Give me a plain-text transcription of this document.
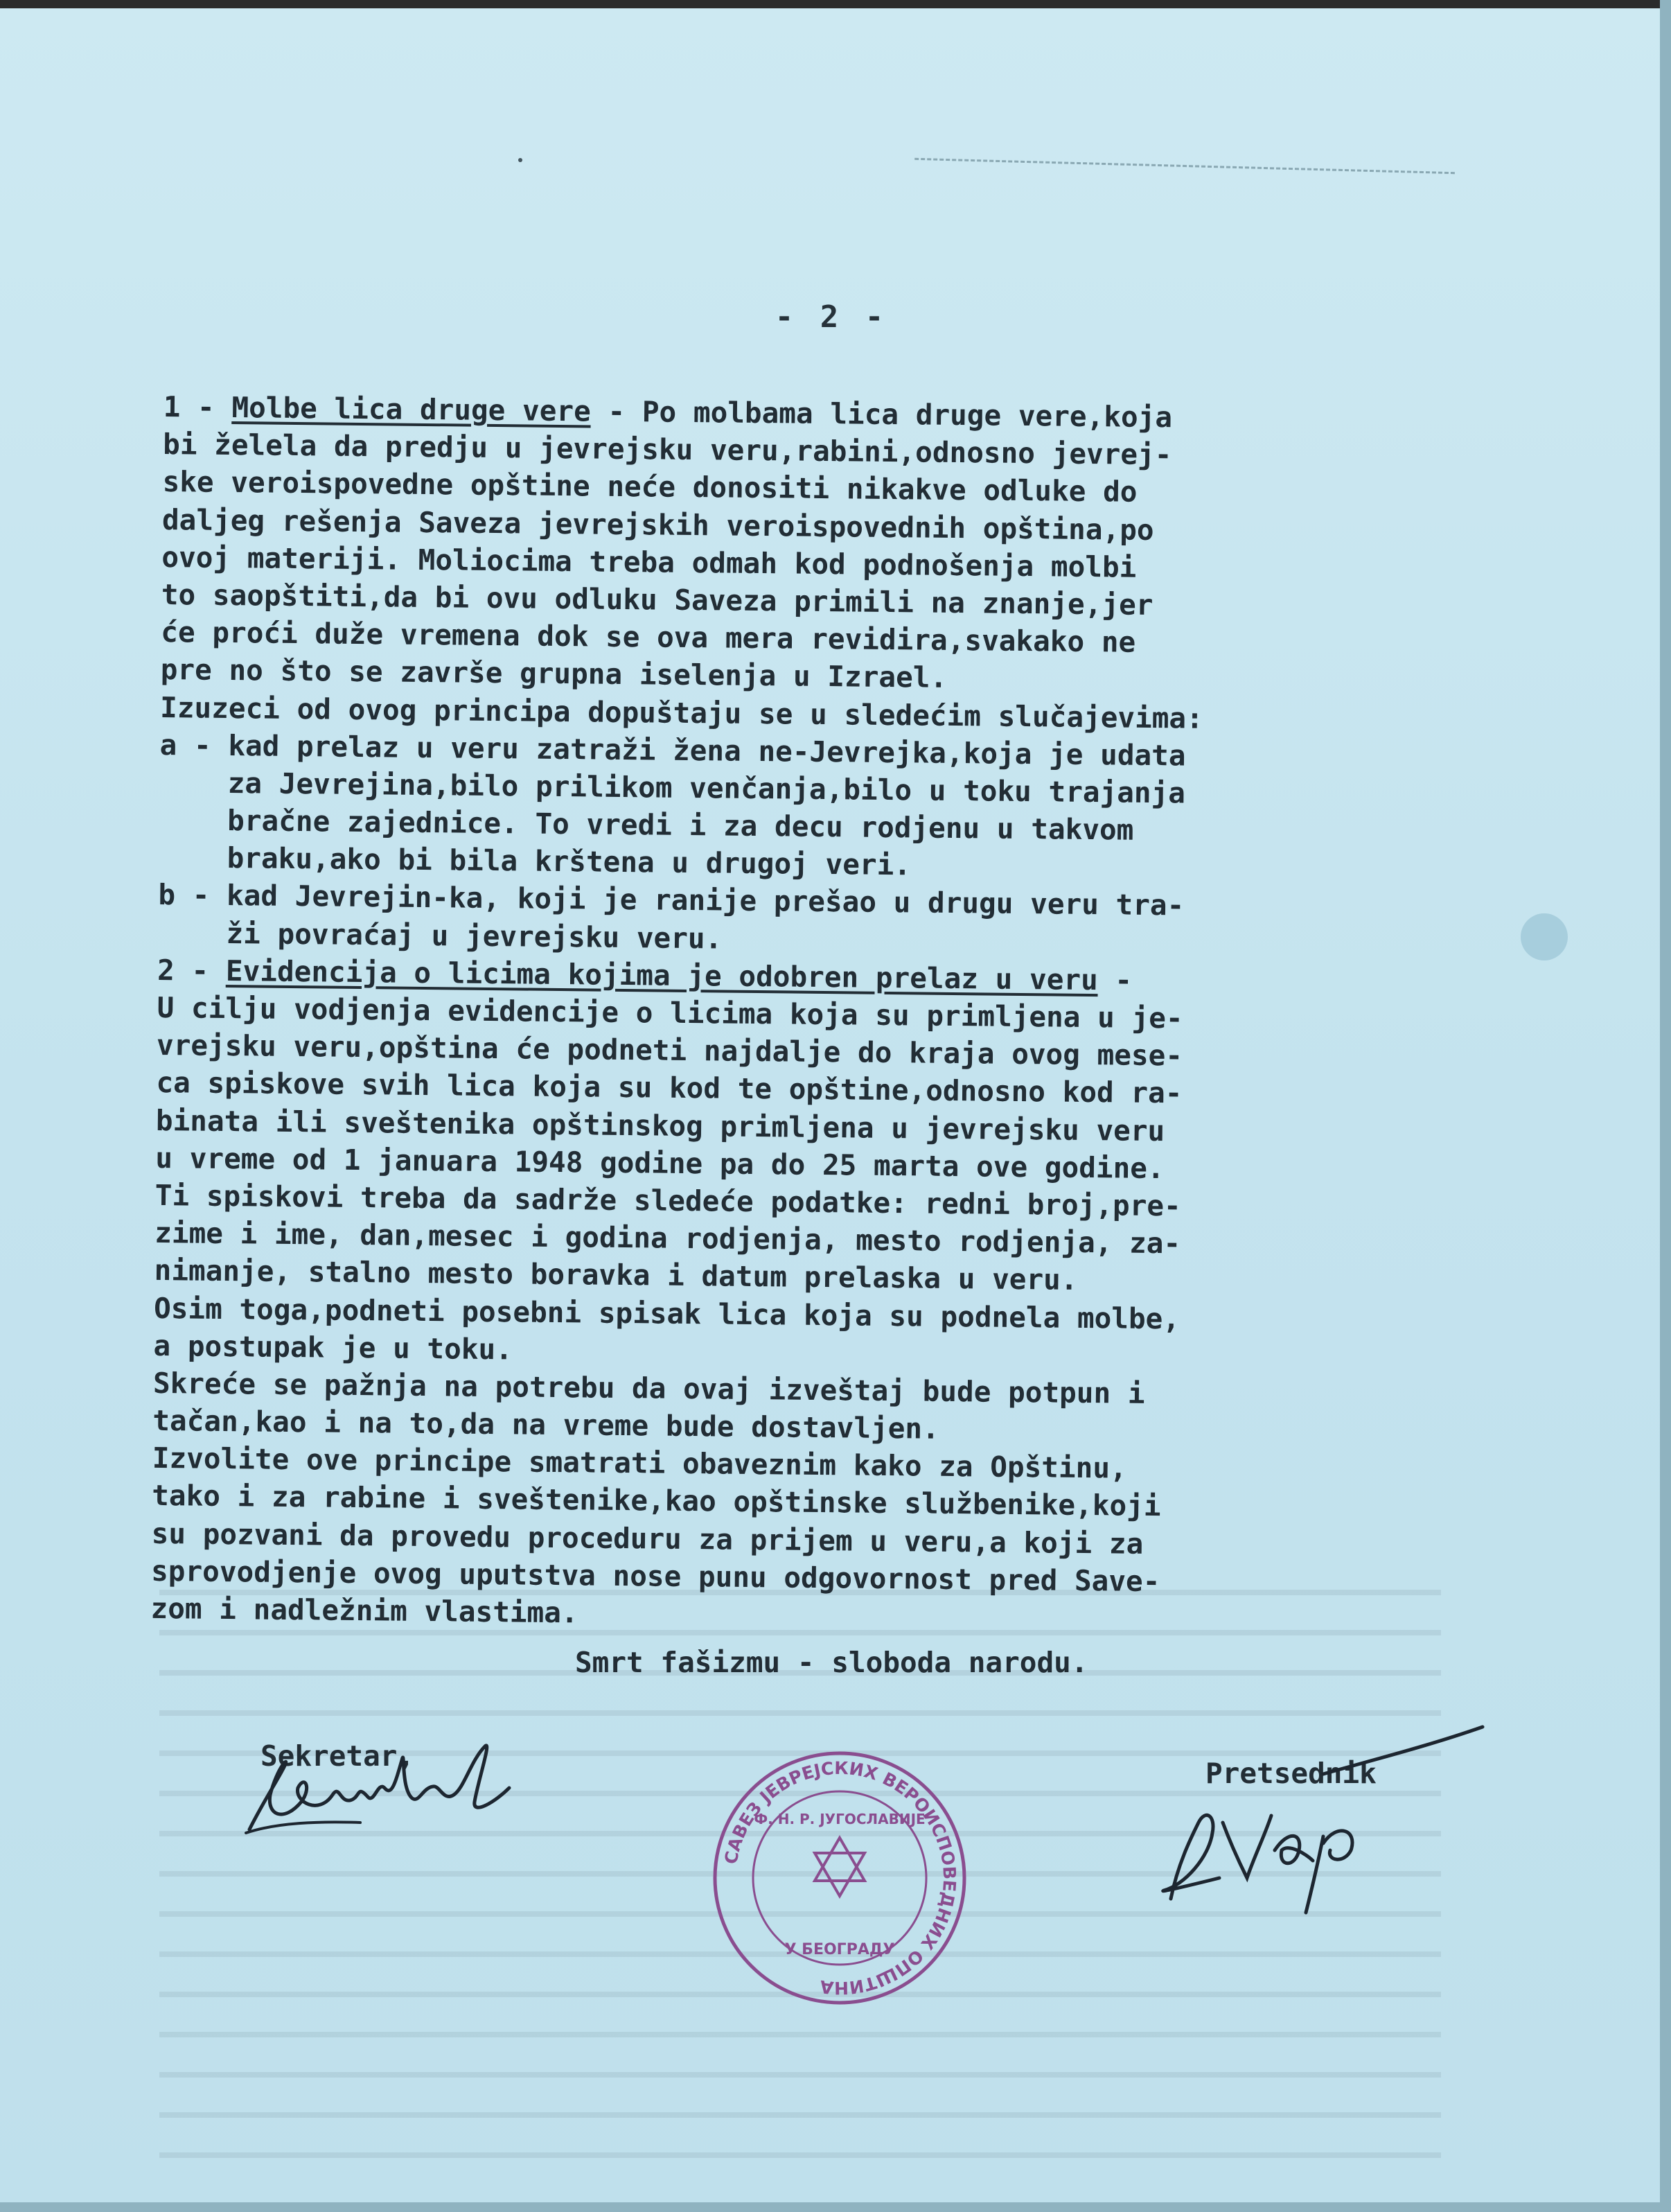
- 2 -
1 - Molbe lica druge vere - Po molbama lica druge vere,koja
bi želela da predju u jevrejsku veru,rabini,odnosno jevrej-
ske veroispovedne opštine neće donositi nikakve odluke do
daljeg rešenja Saveza jevrejskih veroispovednih opština,po
ovoj materiji. Moliocima treba odmah kod podnošenja molbi
to saopštiti,da bi ovu odluku Saveza primili na znanje,jer
će proći duže vremena dok se ova mera revidira,svakako ne
pre no što se završe grupna iselenja u Izrael.
Izuzeci od ovog principa dopuštaju se u sledećim slučajevima:
a - kad prelaz u veru zatraži žena ne-Jevrejka,koja je udata
za Jevrejina,bilo prilikom venčanja,bilo u toku trajanja
bračne zajednice. To vredi i za decu rodjenu u takvom
braku,ako bi bila krštena u drugoj veri.
b - kad Jevrejin-ka, koji je ranije prešao u drugu veru tra-
ži povraćaj u jevrejsku veru.
2 - Evidencija o licima kojima je odobren prelaz u veru -
U cilju vodjenja evidencije o licima koja su primljena u je-
vrejsku veru,opština će podneti najdalje do kraja ovog mese-
ca spiskove svih lica koja su kod te opštine,odnosno kod ra-
binata ili sveštenika opštinskog primljena u jevrejsku veru
u vreme od 1 januara 1948 godine pa do 25 marta ove godine.
Ti spiskovi treba da sadrže sledeće podatke: redni broj,pre-
zime i ime, dan,mesec i godina rodjenja, mesto rodjenja, za-
nimanje, stalno mesto boravka i datum prelaska u veru.
Osim toga,podneti posebni spisak lica koja su podnela molbe,
a postupak je u toku.
Skreće se pažnja na potrebu da ovaj izveštaj bude potpun i
tačan,kao i na to,da na vreme bude dostavljen.
Izvolite ove principe smatrati obaveznim kako za Opštinu,
tako i za rabine i sveštenike,kao opštinske službenike,koji
su pozvani da provedu proceduru za prijem u veru,a koji za
sprovodjenje ovog uputstva nose punu odgovornost pred Save-
zom i nadležnim vlastima.
Smrt fašizmu - sloboda narodu.
Sekretar,
Pretsednik
САВЕЗ ЈЕВРЕЈСКИХ ВЕРОИСПОВЕДНИХ ОПШТИНА
Ф. Н. Р. ЈУГОСЛАВИЈЕ
У БЕОГРАДУ
